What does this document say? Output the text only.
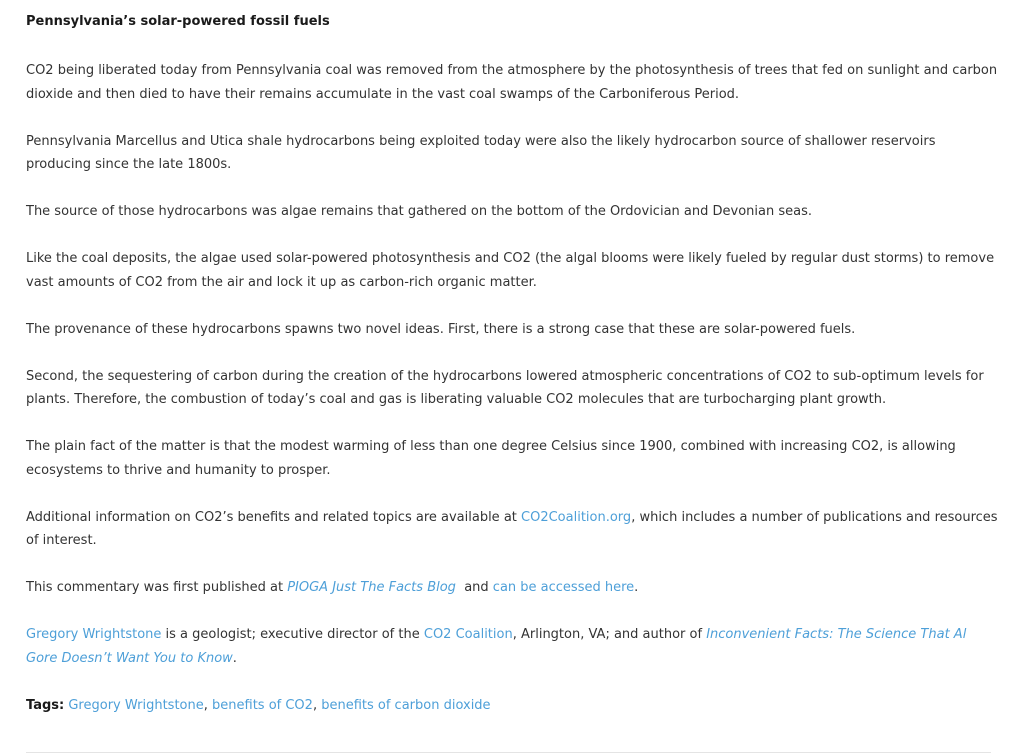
Pennsylvania’s solar-powered fossil fuels

CO2 being liberated today from Pennsylvania coal was removed from the atmosphere by the photosynthesis of trees that fed on sunlight and carbon dioxide and then died to have their remains accumulate in the vast coal swamps of the Carboniferous Period.

Pennsylvania Marcellus and Utica shale hydrocarbons being exploited today were also the likely hydrocarbon source of shallower reservoirs producing since the late 1800s.

The source of those hydrocarbons was algae remains that gathered on the bottom of the Ordovician and Devonian seas.

Like the coal deposits, the algae used solar-powered photosynthesis and CO2 (the algal blooms were likely fueled by regular dust storms) to remove vast amounts of CO2 from the air and lock it up as carbon-rich organic matter.

The provenance of these hydrocarbons spawns two novel ideas. First, there is a strong case that these are solar-powered fuels.

Second, the sequestering of carbon during the creation of the hydrocarbons lowered atmospheric concentrations of CO2 to sub-optimum levels for plants. Therefore, the combustion of today’s coal and gas is liberating valuable CO2 molecules that are turbocharging plant growth.

The plain fact of the matter is that the modest warming of less than one degree Celsius since 1900, combined with increasing CO2, is allowing ecosystems to thrive and humanity to prosper.

Additional information on CO2’s benefits and related topics are available at CO2Coalition.org, which includes a number of publications and resources of interest.

This commentary was first published at PIOGA Just The Facts Blog  and can be accessed here.

Gregory Wrightstone is a geologist; executive director of the CO2 Coalition, Arlington, VA; and author of Inconvenient Facts: The Science That Al Gore Doesn’t Want You to Know.

Tags: Gregory Wrightstone, benefits of CO2, benefits of carbon dioxide
